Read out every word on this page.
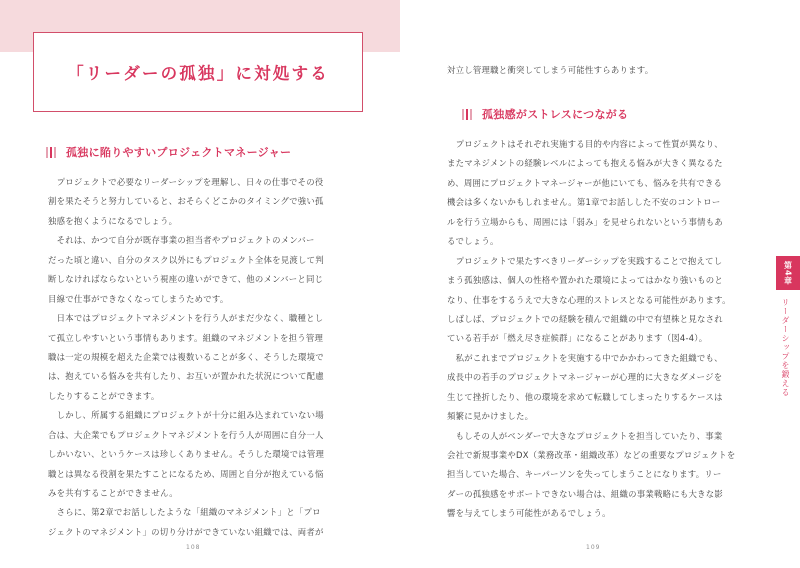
「リーダーの孤独」に対処する
孤独に陥りやすいプロジェクトマネージャー
　プロジェクトで必要なリーダーシップを理解し、日々の仕事でその役
割を果たそうと努力していると、おそらくどこかのタイミングで強い孤
独感を抱くようになるでしょう。
　それは、かつて自分が既存事業の担当者やプロジェクトのメンバー
だった頃と違い、自分のタスク以外にもプロジェクト全体を見渡して判
断しなければならないという視座の違いができて、他のメンバーと同じ
目線で仕事ができなくなってしまうためです。
　日本ではプロジェクトマネジメントを行う人がまだ少なく、職種とし
て孤立しやすいという事情もあります。組織のマネジメントを担う管理
職は一定の規模を超えた企業では複数いることが多く、そうした環境で
は、抱えている悩みを共有したり、お互いが置かれた状況について配慮
したりすることができます。
　しかし、所属する組織にプロジェクトが十分に組み込まれていない場
合は、大企業でもプロジェクトマネジメントを行う人が周囲に自分一人
しかいない、というケースは珍しくありません。そうした環境では管理
職とは異なる役割を果たすことになるため、周囲と自分が抱えている悩
みを共有することができません。
　さらに、第2章でお話ししたような「組織のマネジメント」と「プロ
ジェクトのマネジメント」の切り分けができていない組織では、両者が
108
対立し管理職と衝突してしまう可能性すらあります。
孤独感がストレスにつながる
　プロジェクトはそれぞれ実施する目的や内容によって性質が異なり、
またマネジメントの経験レベルによっても抱える悩みが大きく異なるた
め、周囲にプロジェクトマネージャーが他にいても、悩みを共有できる
機会は多くないかもしれません。第1章でお話しした不安のコントロー
ルを行う立場からも、周囲には「弱み」を見せられないという事情もあ
るでしょう。
　プロジェクトで果たすべきリーダーシップを実践することで抱えてし
まう孤独感は、個人の性格や置かれた環境によってはかなり強いものと
なり、仕事をするうえで大きな心理的ストレスとなる可能性があります。
しばしば、プロジェクトでの経験を積んで組織の中で有望株と見なされ
ている若手が「燃え尽き症候群」になることがあります（図4-4）。
　私がこれまでプロジェクトを実施する中でかかわってきた組織でも、
成長中の若手のプロジェクトマネージャーが心理的に大きなダメージを
生じて挫折したり、他の環境を求めて転職してしまったりするケースは
頻繁に見かけました。
　もしその人がベンダーで大きなプロジェクトを担当していたり、事業
会社で新規事業やDX（業務改革・組織改革）などの重要なプロジェクトを
担当していた場合、キーパーソンを失ってしまうことになります。リー
ダーの孤独感をサポートできない場合は、組織の事業戦略にも大きな影
響を与えてしまう可能性があるでしょう。
109
第4章
リーダーシップを鍛える
